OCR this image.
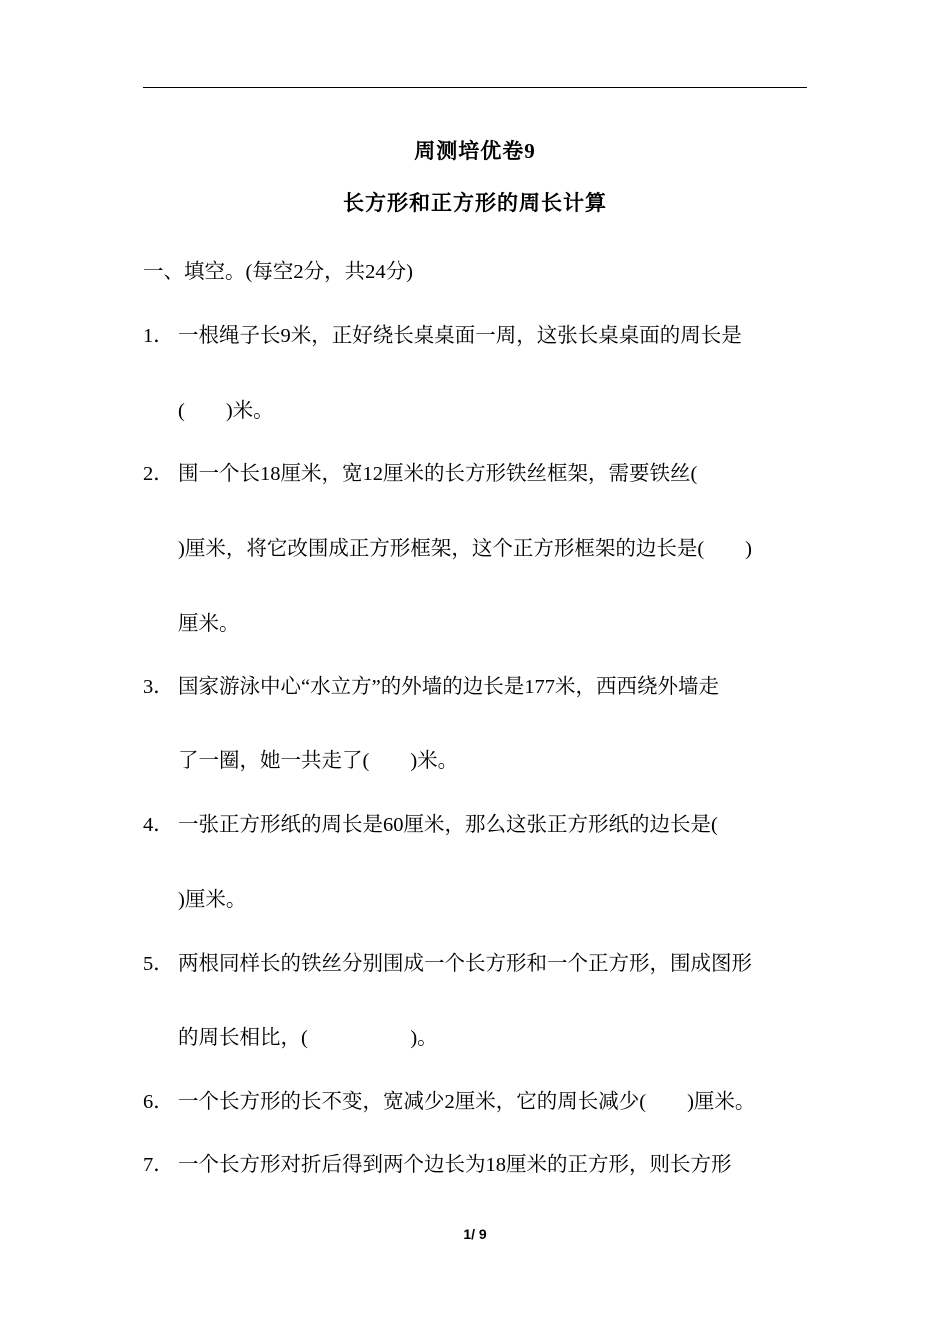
周测培优卷9
长方形和正方形的周长计算
一、填空。(每空2分，共24分)
1． 一根绳子长9米，正好绕长桌桌面一周，这张长桌桌面的周长是
(　　)米。
2． 围一个长18厘米，宽12厘米的长方形铁丝框架，需要铁丝(
)厘米，将它改围成正方形框架，这个正方形框架的边长是(　　)
厘米。
3． 国家游泳中心“水立方”的外墙的边长是177米，西西绕外墙走
了一圈，她一共走了(　　)米。
4． 一张正方形纸的周长是60厘米，那么这张正方形纸的边长是(
)厘米。
5． 两根同样长的铁丝分别围成一个长方形和一个正方形，围成图形
的周长相比，(　　　　　)。
6． 一个长方形的长不变，宽减少2厘米，它的周长减少(　　)厘米。
7． 一个长方形对折后得到两个边长为18厘米的正方形，则长方形
1/ 9
